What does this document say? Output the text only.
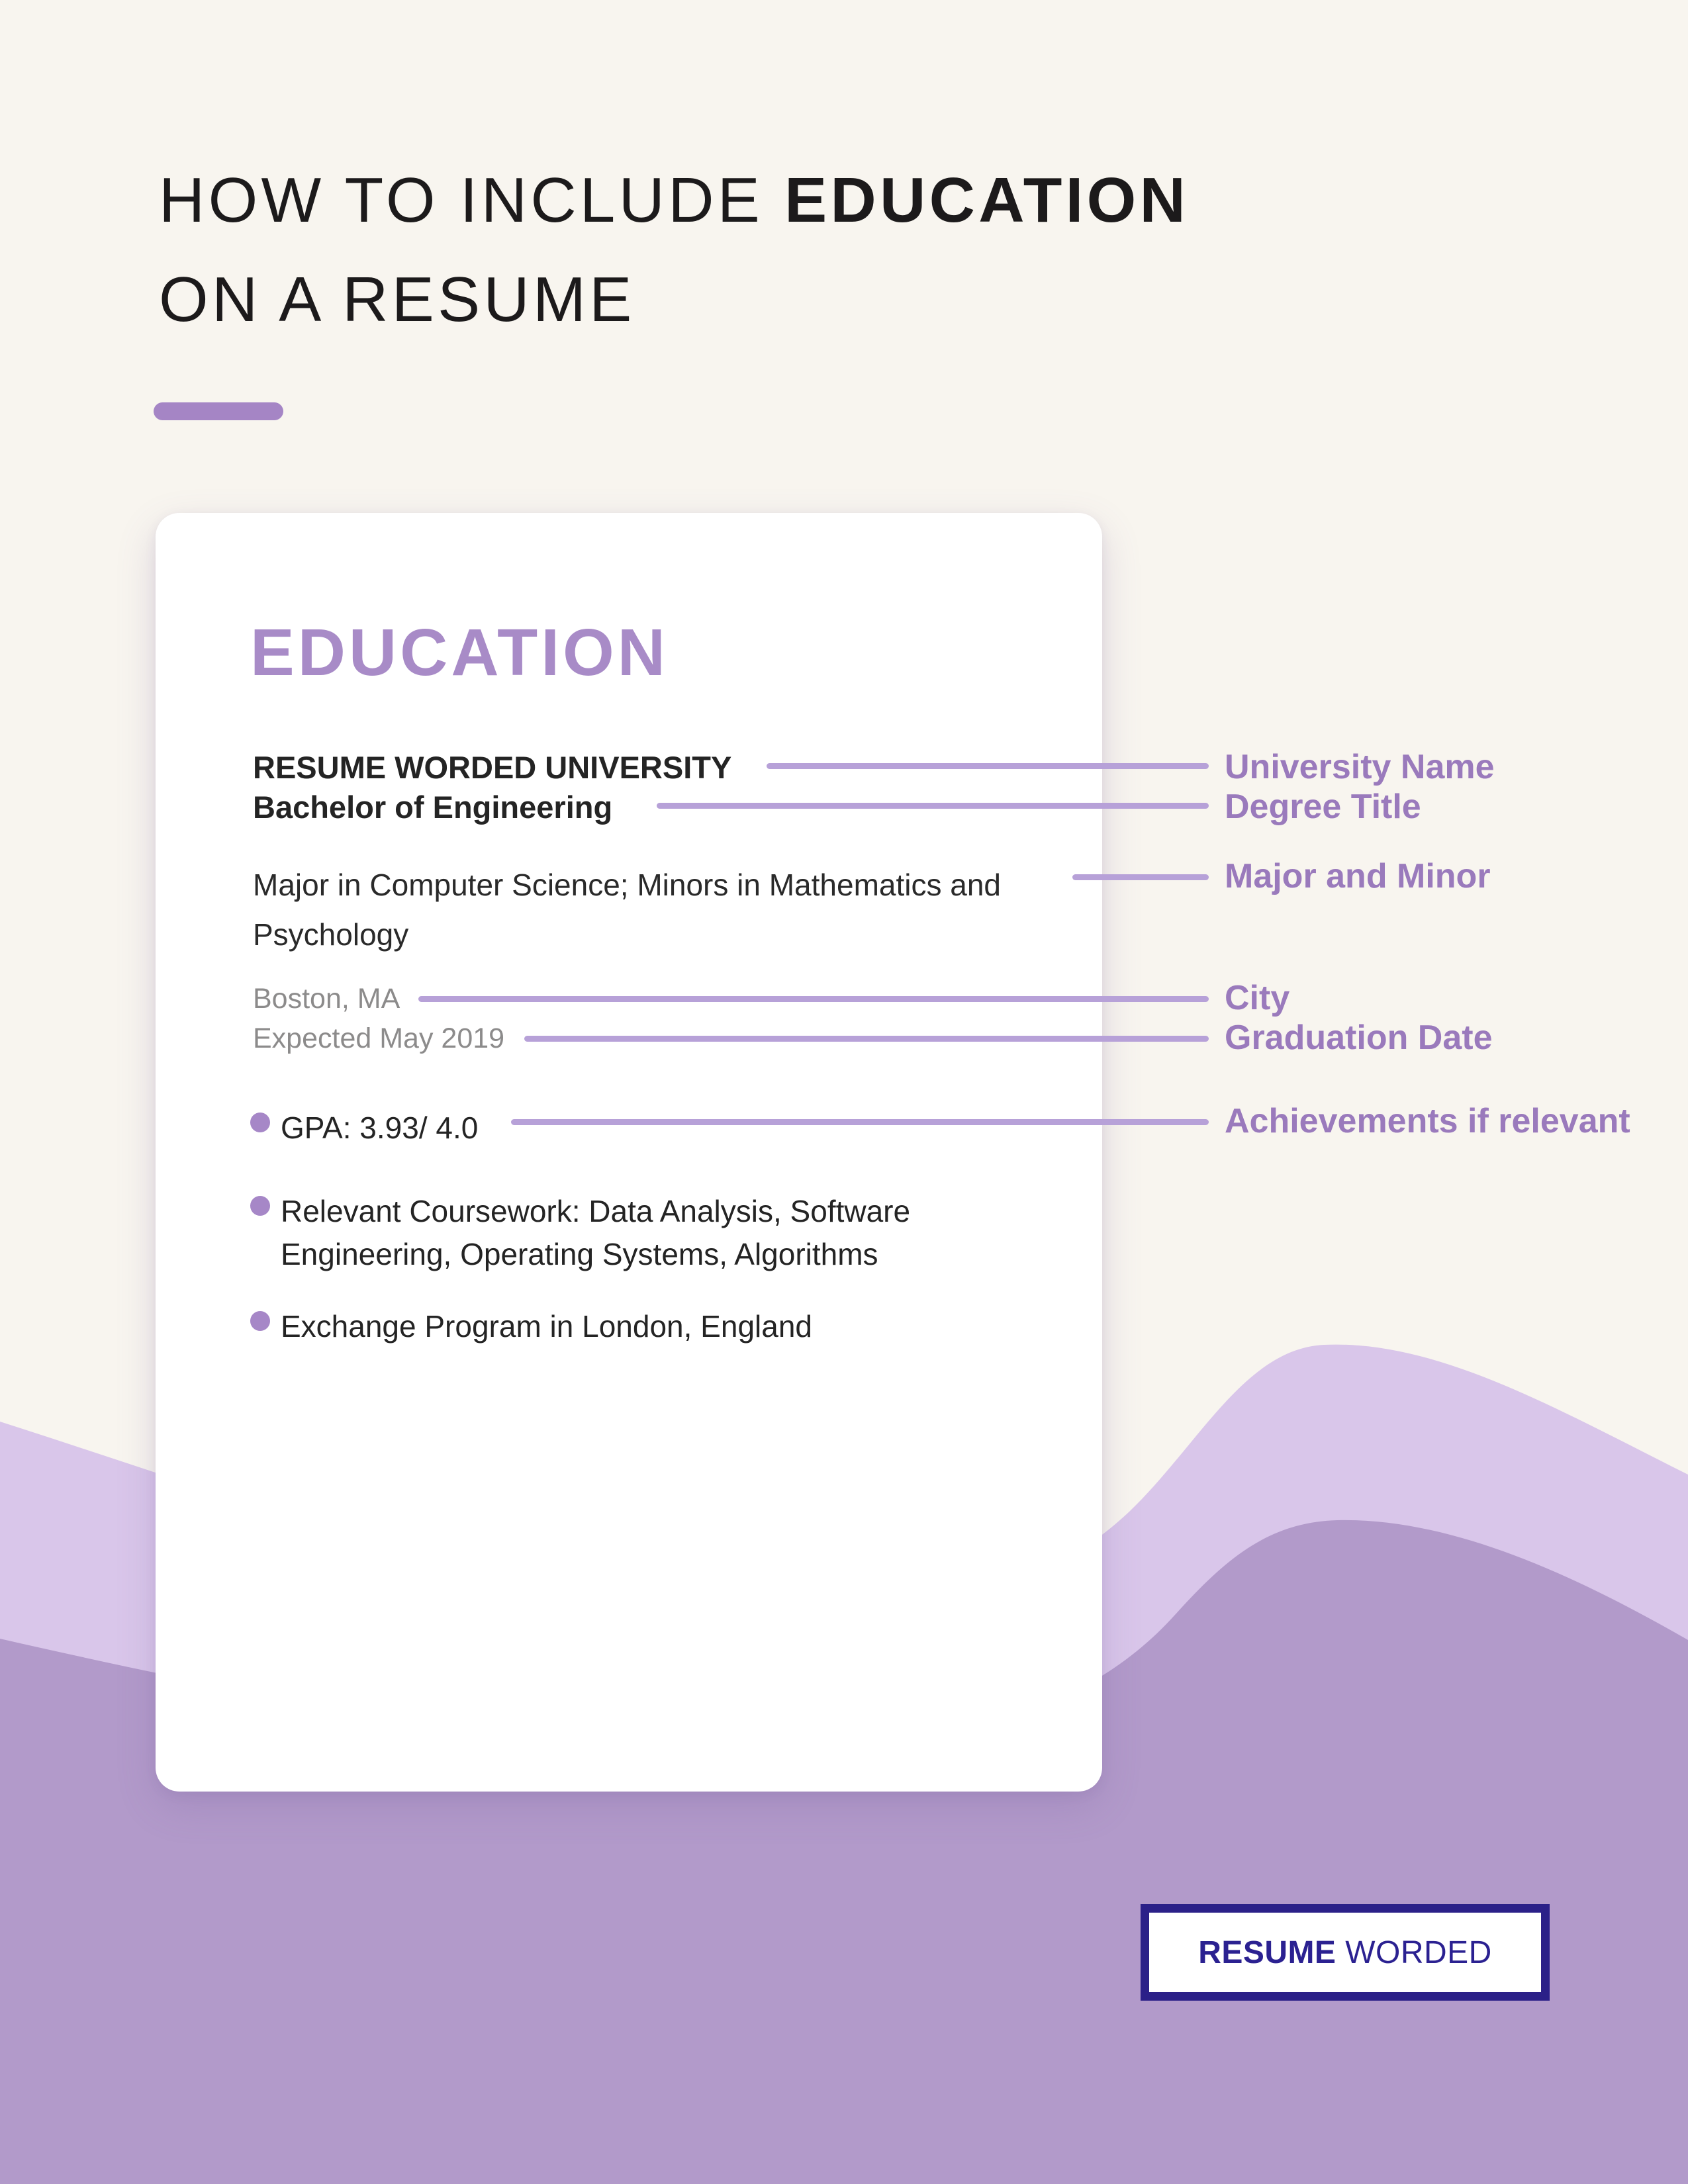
HOW TO INCLUDE EDUCATION
ON A RESUME
EDUCATION
RESUME WORDED UNIVERSITY
Bachelor of Engineering
Major in Computer Science; Minors in Mathematics and Psychology
Boston, MA
Expected May 2019
GPA: 3.93/ 4.0
Relevant Coursework: Data Analysis, Software Engineering, Operating Systems, Algorithms
Exchange Program in London, England
University Name
Degree Title
Major and Minor
City
Graduation Date
Achievements if relevant
RESUME WORDED
